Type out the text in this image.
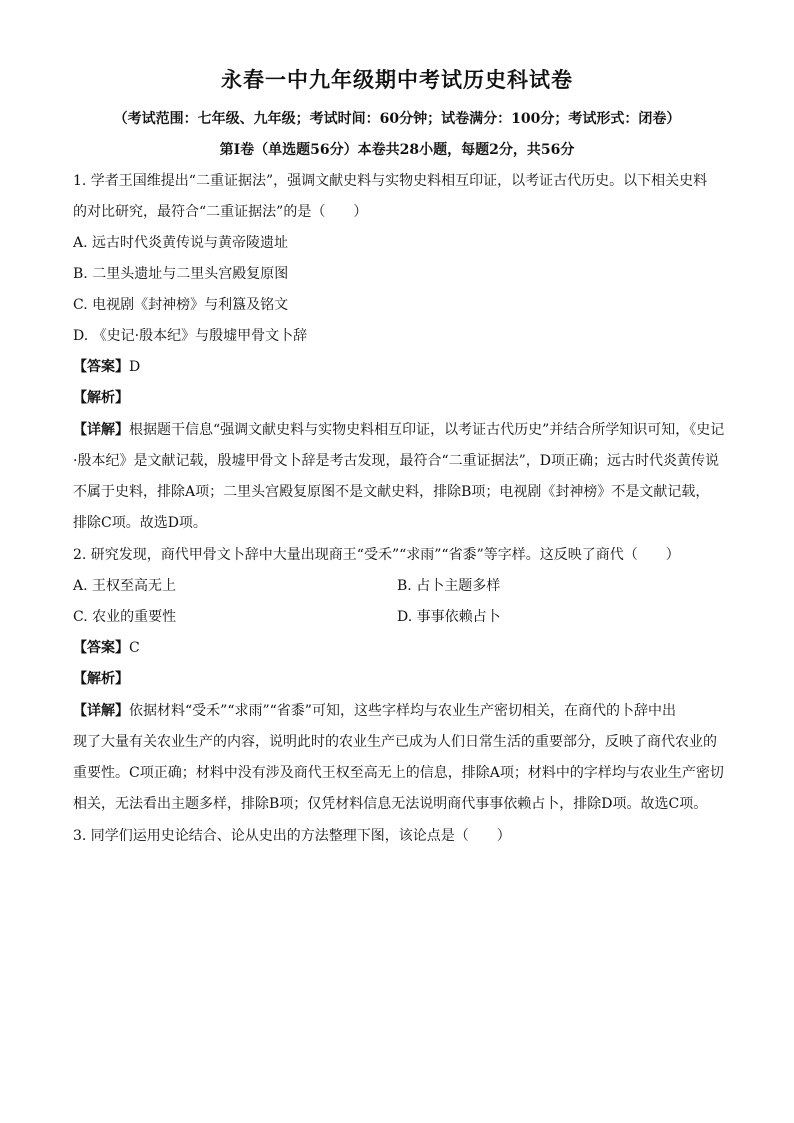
永春一中九年级期中考试历史科试卷
（考试范围：七年级、九年级；考试时间：60分钟；试卷满分：100分；考试形式：闭卷）
第Ⅰ卷（单选题56分）本卷共28小题，每题2分，共56分
1. 学者王国维提出“二重证据法”，强调文献史料与实物史料相互印证，以考证古代历史。以下相关史料
的对比研究，最符合“二重证据法”的是（　　）
A. 远古时代炎黄传说与黄帝陵遗址
B. 二里头遗址与二里头宫殿复原图
C. 电视剧《封神榜》与利簋及铭文
D. 《史记·殷本纪》与殷墟甲骨文卜辞
【答案】D
【解析】
【详解】根据题干信息“强调文献史料与实物史料相互印证，以考证古代历史”并结合所学知识可知，《史记
·殷本纪》是文献记载，殷墟甲骨文卜辞是考古发现，最符合“二重证据法”，D项正确；远古时代炎黄传说
不属于史料，排除A项；二里头宫殿复原图不是文献史料，排除B项；电视剧《封神榜》不是文献记载，
排除C项。故选D项。
2. 研究发现，商代甲骨文卜辞中大量出现商王“受禾”“求雨”“省黍”等字样。这反映了商代（　　）
A. 王权至高无上	B. 占卜主题多样
C. 农业的重要性	D. 事事依赖占卜
【答案】C
【解析】
【详解】依据材料“受禾”“求雨”“省黍”可知，这些字样均与农业生产密切相关，在商代的卜辞中出
现了大量有关农业生产的内容，说明此时的农业生产已成为人们日常生活的重要部分，反映了商代农业的
重要性。C项正确；材料中没有涉及商代王权至高无上的信息，排除A项；材料中的字样均与农业生产密切
相关，无法看出主题多样，排除B项；仅凭材料信息无法说明商代事事依赖占卜，排除D项。故选C项。
3. 同学们运用史论结合、论从史出的方法整理下图，该论点是（　　）
